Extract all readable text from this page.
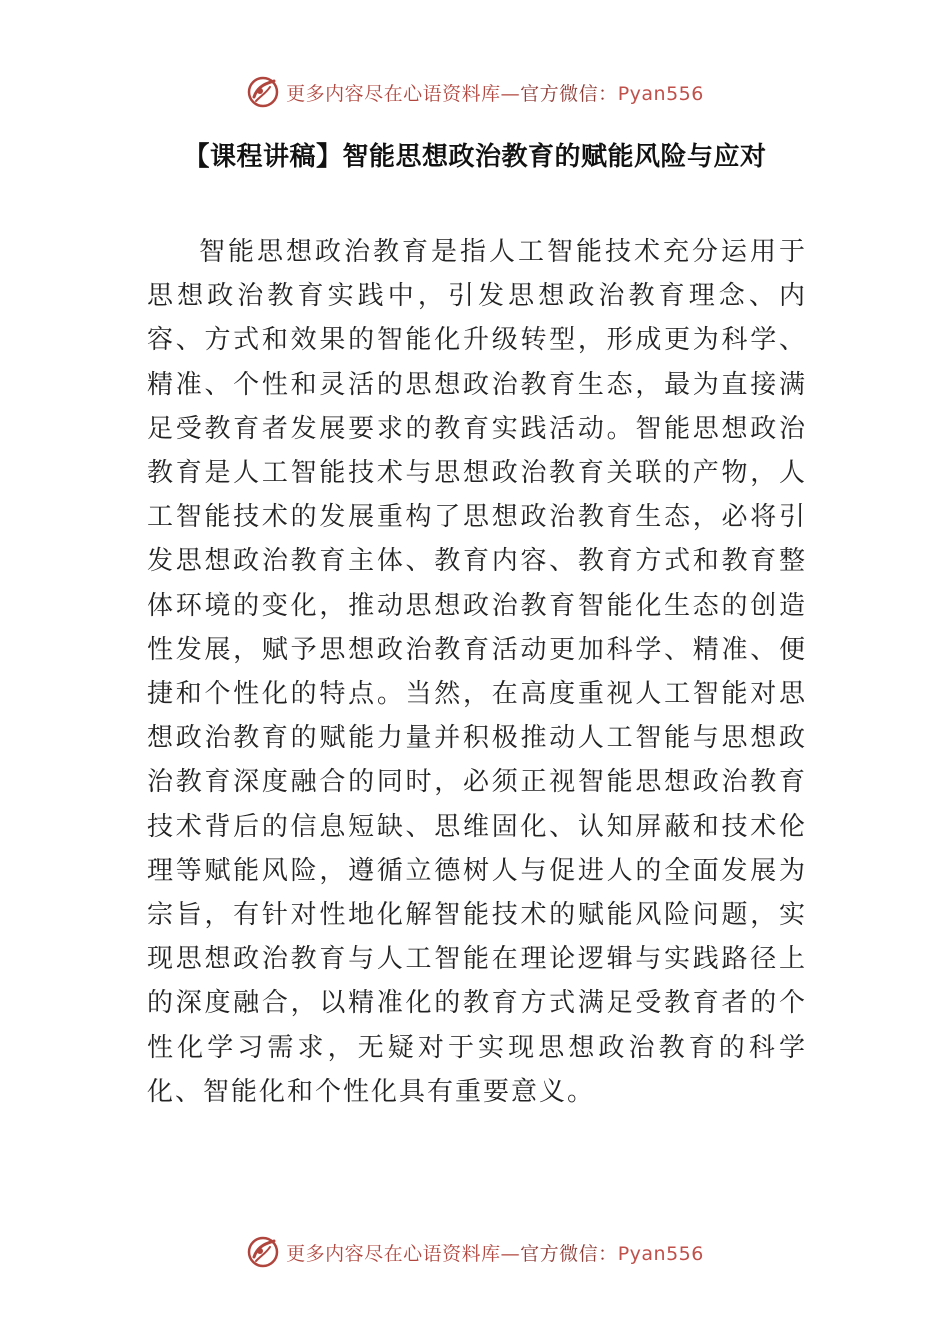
更多内容尽在心语资料库—官方微信：Pyan556
【课程讲稿】智能思想政治教育的赋能风险与应对

智能思想政治教育是指人工智能技术充分运用于思想政治教育实践中，引发思想政治教育理念、内容、方式和效果的智能化升级转型，形成更为科学、精准、个性和灵活的思想政治教育生态，最为直接满足受教育者发展要求的教育实践活动。智能思想政治教育是人工智能技术与思想政治教育关联的产物，人工智能技术的发展重构了思想政治教育生态，必将引发思想政治教育主体、教育内容、教育方式和教育整体环境的变化，推动思想政治教育智能化生态的创造性发展，赋予思想政治教育活动更加科学、精准、便捷和个性化的特点。当然，在高度重视人工智能对思想政治教育的赋能力量并积极推动人工智能与思想政治教育深度融合的同时，必须正视智能思想政治教育技术背后的信息短缺、思维固化、认知屏蔽和技术伦理等赋能风险，遵循立德树人与促进人的全面发展为宗旨，有针对性地化解智能技术的赋能风险问题，实现思想政治教育与人工智能在理论逻辑与实践路径上的深度融合，以精准化的教育方式满足受教育者的个性化学习需求，无疑对于实现思想政治教育的科学化、智能化和个性化具有重要意义。

更多内容尽在心语资料库—官方微信：Pyan556
